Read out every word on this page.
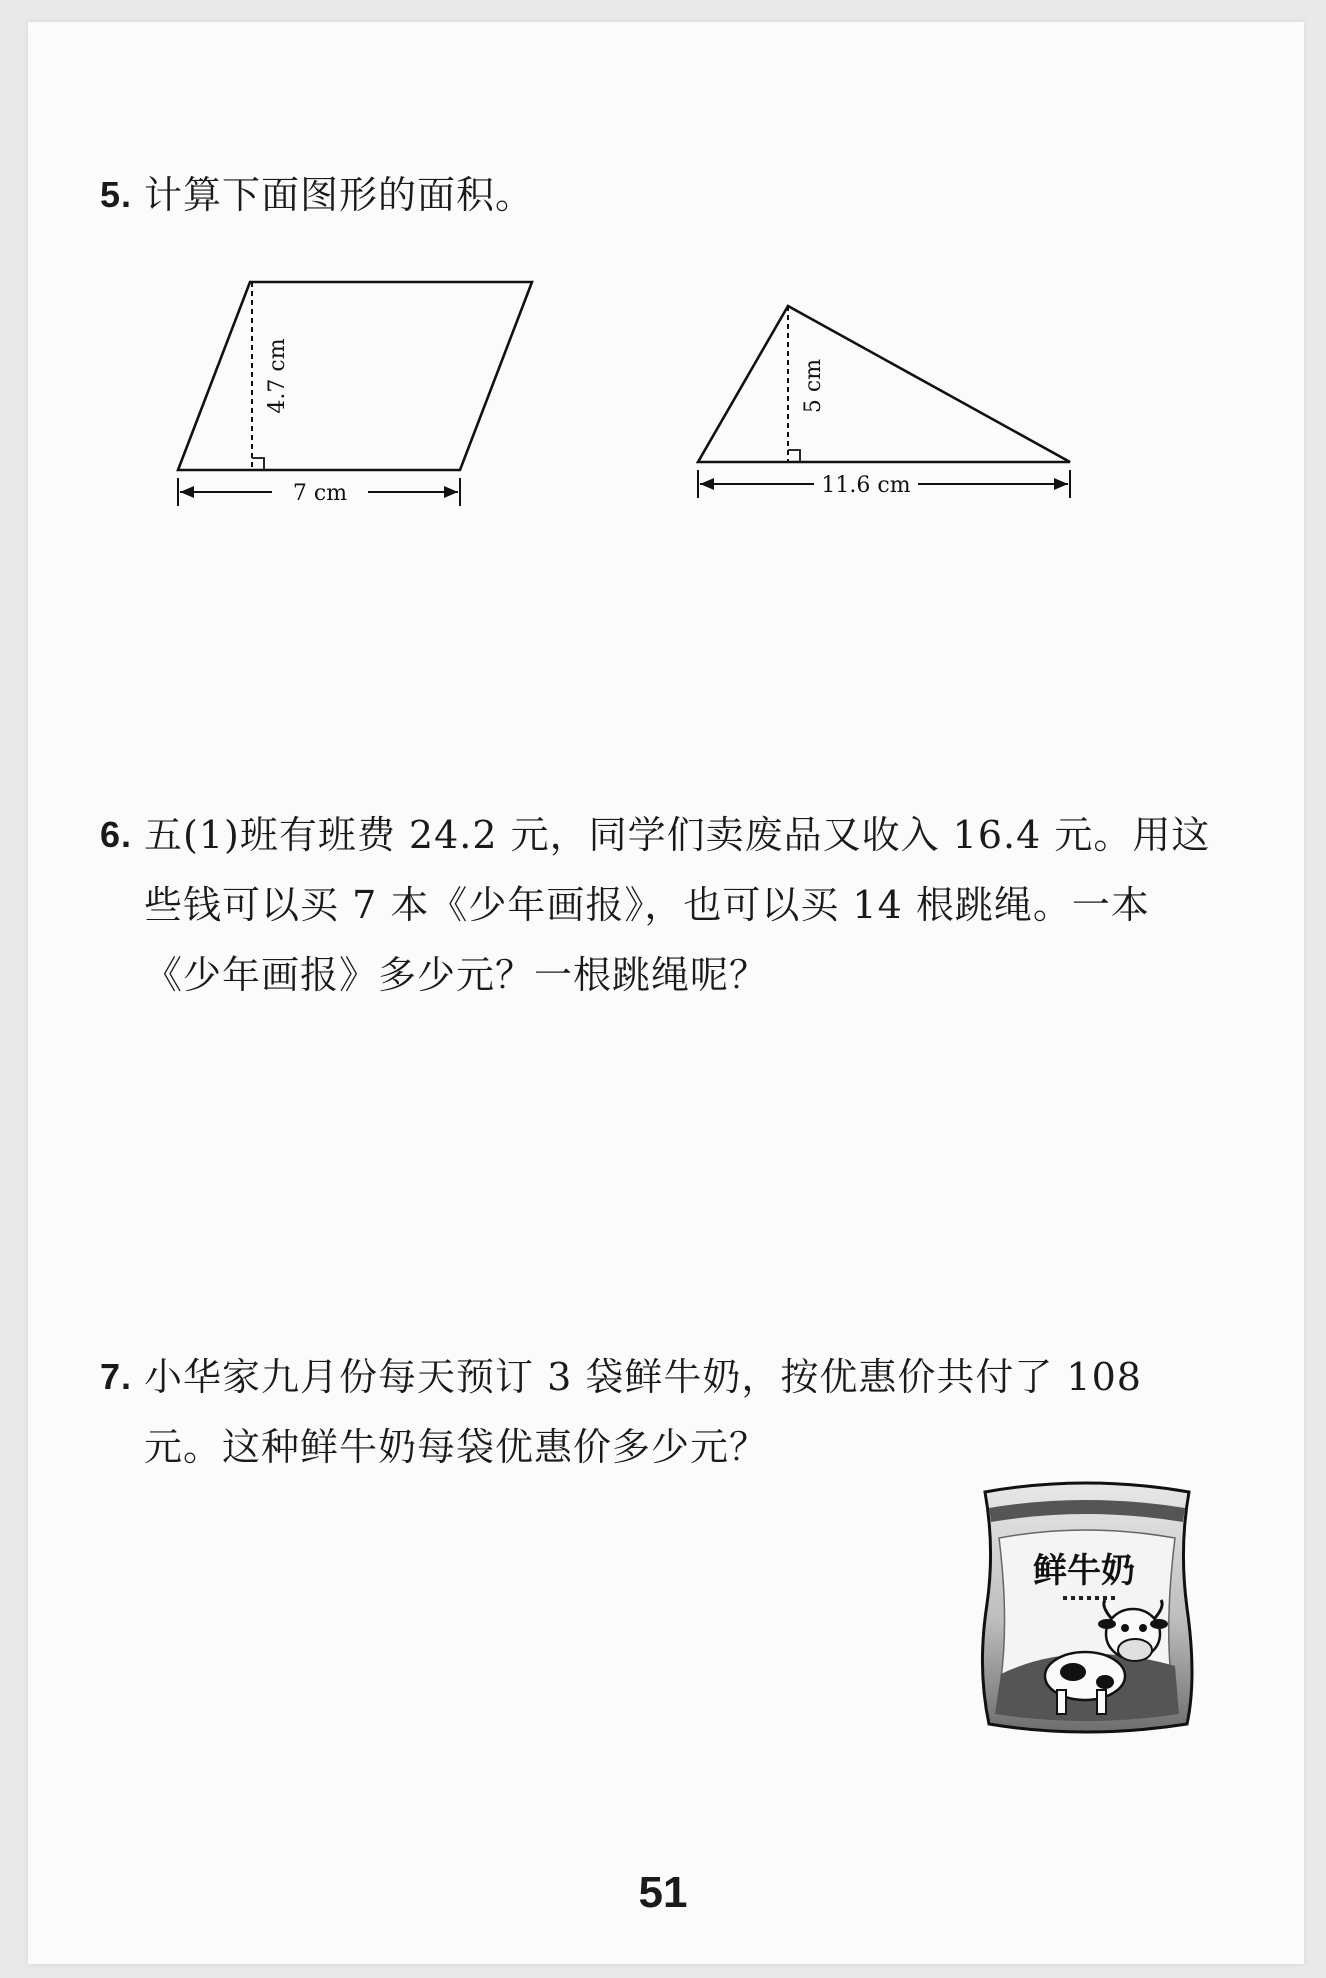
5. 计算下面图形的面积。
4.7 cm
7 cm
5 cm
11.6 cm
6. 五(1)班有班费 24.2 元，同学们卖废品又收入 16.4 元。用这些钱可以买 7 本《少年画报》，也可以买 14 根跳绳。一本《少年画报》多少元？一根跳绳呢？
7. 小华家九月份每天预订 3 袋鲜牛奶，按优惠价共付了 108 元。这种鲜牛奶每袋优惠价多少元？
鲜牛奶
51
